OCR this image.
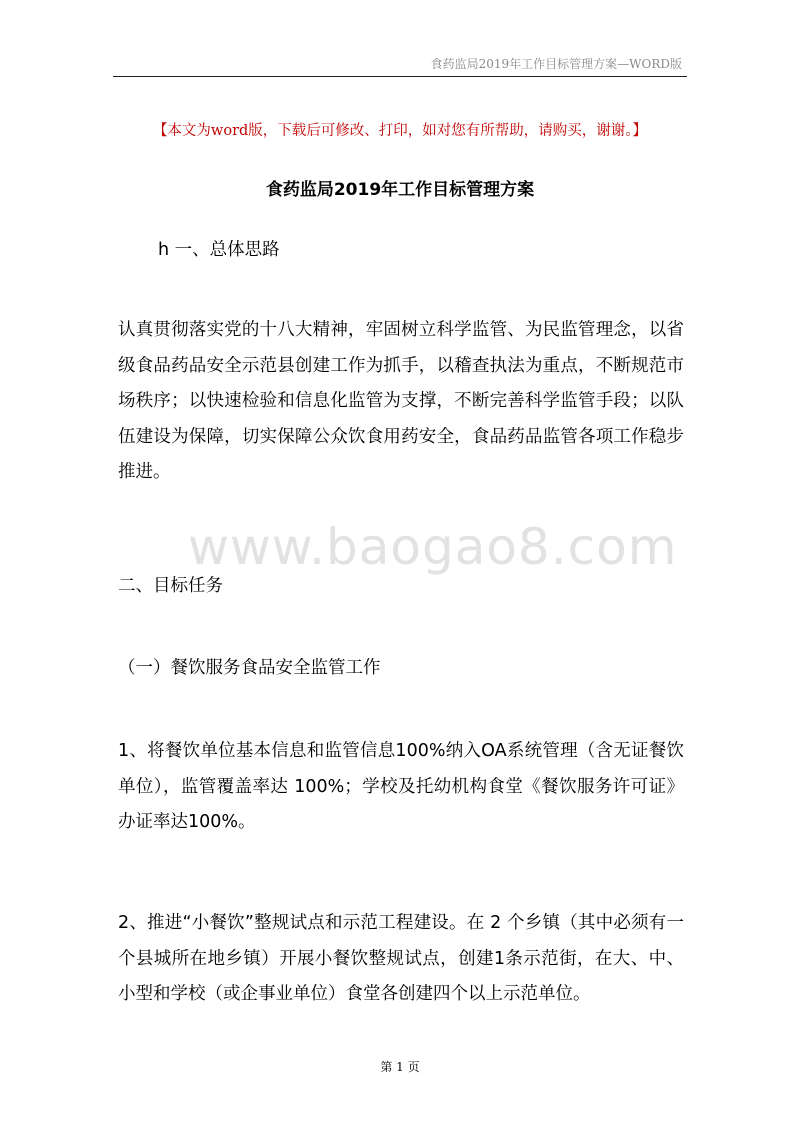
食药监局2019年工作目标管理方案—WORD版
【本文为word版，下载后可修改、打印，如对您有所帮助，请购买，谢谢。】
食药监局2019年工作目标管理方案

h 一、总体思路

认真贯彻落实党的十八大精神，牢固树立科学监管、为民监管理念，以省级食品药品安全示范县创建工作为抓手，以稽查执法为重点，不断规范市场秩序；以快速检验和信息化监管为支撑，不断完善科学监管手段；以队伍建设为保障，切实保障公众饮食用药安全，食品药品监管各项工作稳步推进。

www.baogao8.com

二、目标任务

（一）餐饮服务食品安全监管工作

1、将餐饮单位基本信息和监管信息100%纳入OA系统管理（含无证餐饮单位），监管覆盖率达 100%；学校及托幼机构食堂《餐饮服务许可证》办证率达100%。

2、推进“小餐饮”整规试点和示范工程建设。在 2 个乡镇（其中必须有一个县城所在地乡镇）开展小餐饮整规试点，创建1条示范街，在大、中、小型和学校（或企事业单位）食堂各创建四个以上示范单位。

第 1 页
